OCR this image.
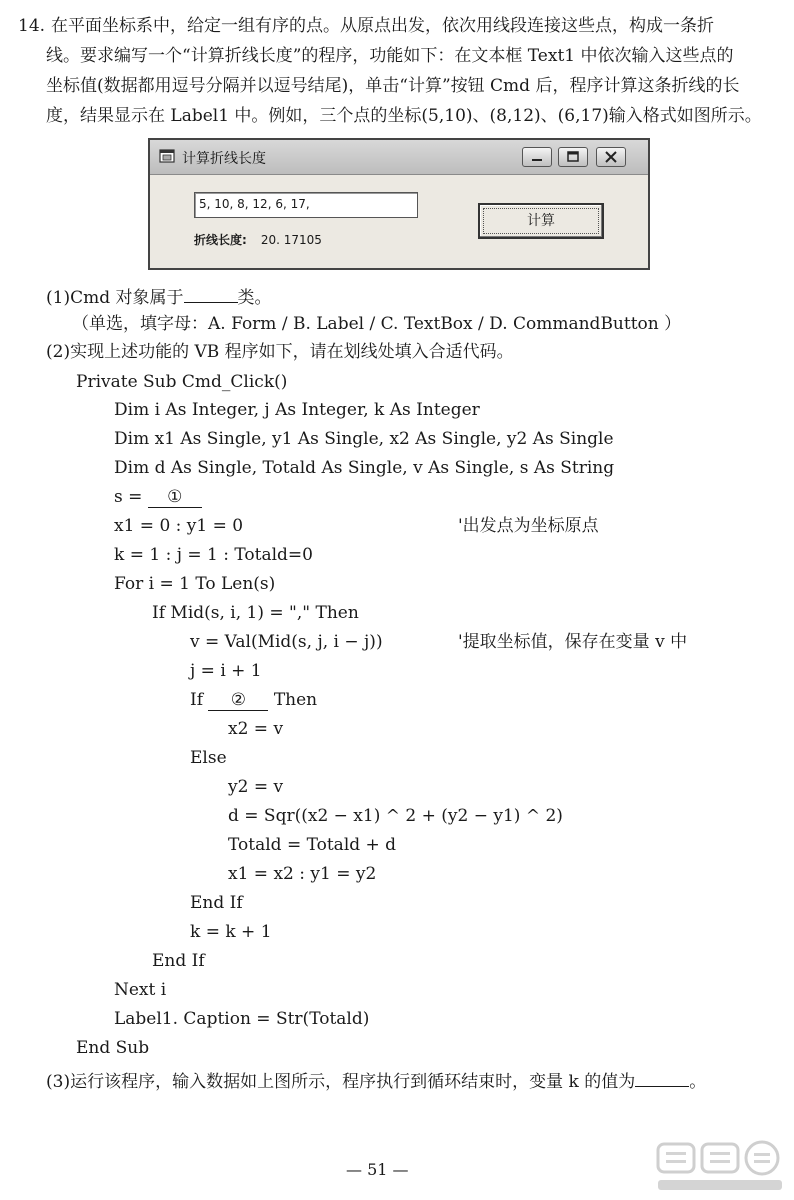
14. 在平面坐标系中，给定一组有序的点。从原点出发，依次用线段连接这些点，构成一条折
线。要求编写一个“计算折线长度”的程序，功能如下：在文本框 Text1 中依次输入这些点的
坐标值(数据都用逗号分隔并以逗号结尾)，单击“计算”按钮 Cmd 后，程序计算这条折线的长
度，结果显示在 Label1 中。例如，三个点的坐标(5,10)、(8,12)、(6,17)输入格式如图所示。
计算折线长度
5, 10, 8, 12, 6, 17,
折线长度: 20. 17105
计算
(1)Cmd 对象属于	类。
（单选，填字母：A. Form / B. Label / C. TextBox / D. CommandButton ）
(2)实现上述功能的 VB 程序如下，请在划线处填入合适代码。
Private Sub Cmd_Click()
Dim i As Integer, j As Integer, k As Integer
Dim x1 As Single, y1 As Single, x2 As Single, y2 As Single
Dim d As Single, Totald As Single, v As Single, s As String
s = ①
x1 = 0 : y1 = 0	'出发点为坐标原点
k = 1 : j = 1 : Totald=0
For i = 1 To Len(s)
If Mid(s, i, 1) = "," Then
v = Val(Mid(s, j, i − j))	'提取坐标值，保存在变量 v 中
j = i + 1
If ② Then
x2 = v
Else
y2 = v
d = Sqr((x2 − x1) ^ 2 + (y2 − y1) ^ 2)
Totald = Totald + d
x1 = x2 : y1 = y2
End If
k = k + 1
End If
Next i
Label1. Caption = Str(Totald)
End Sub
(3)运行该程序，输入数据如上图所示，程序执行到循环结束时，变量 k 的值为	。
— 51 —
